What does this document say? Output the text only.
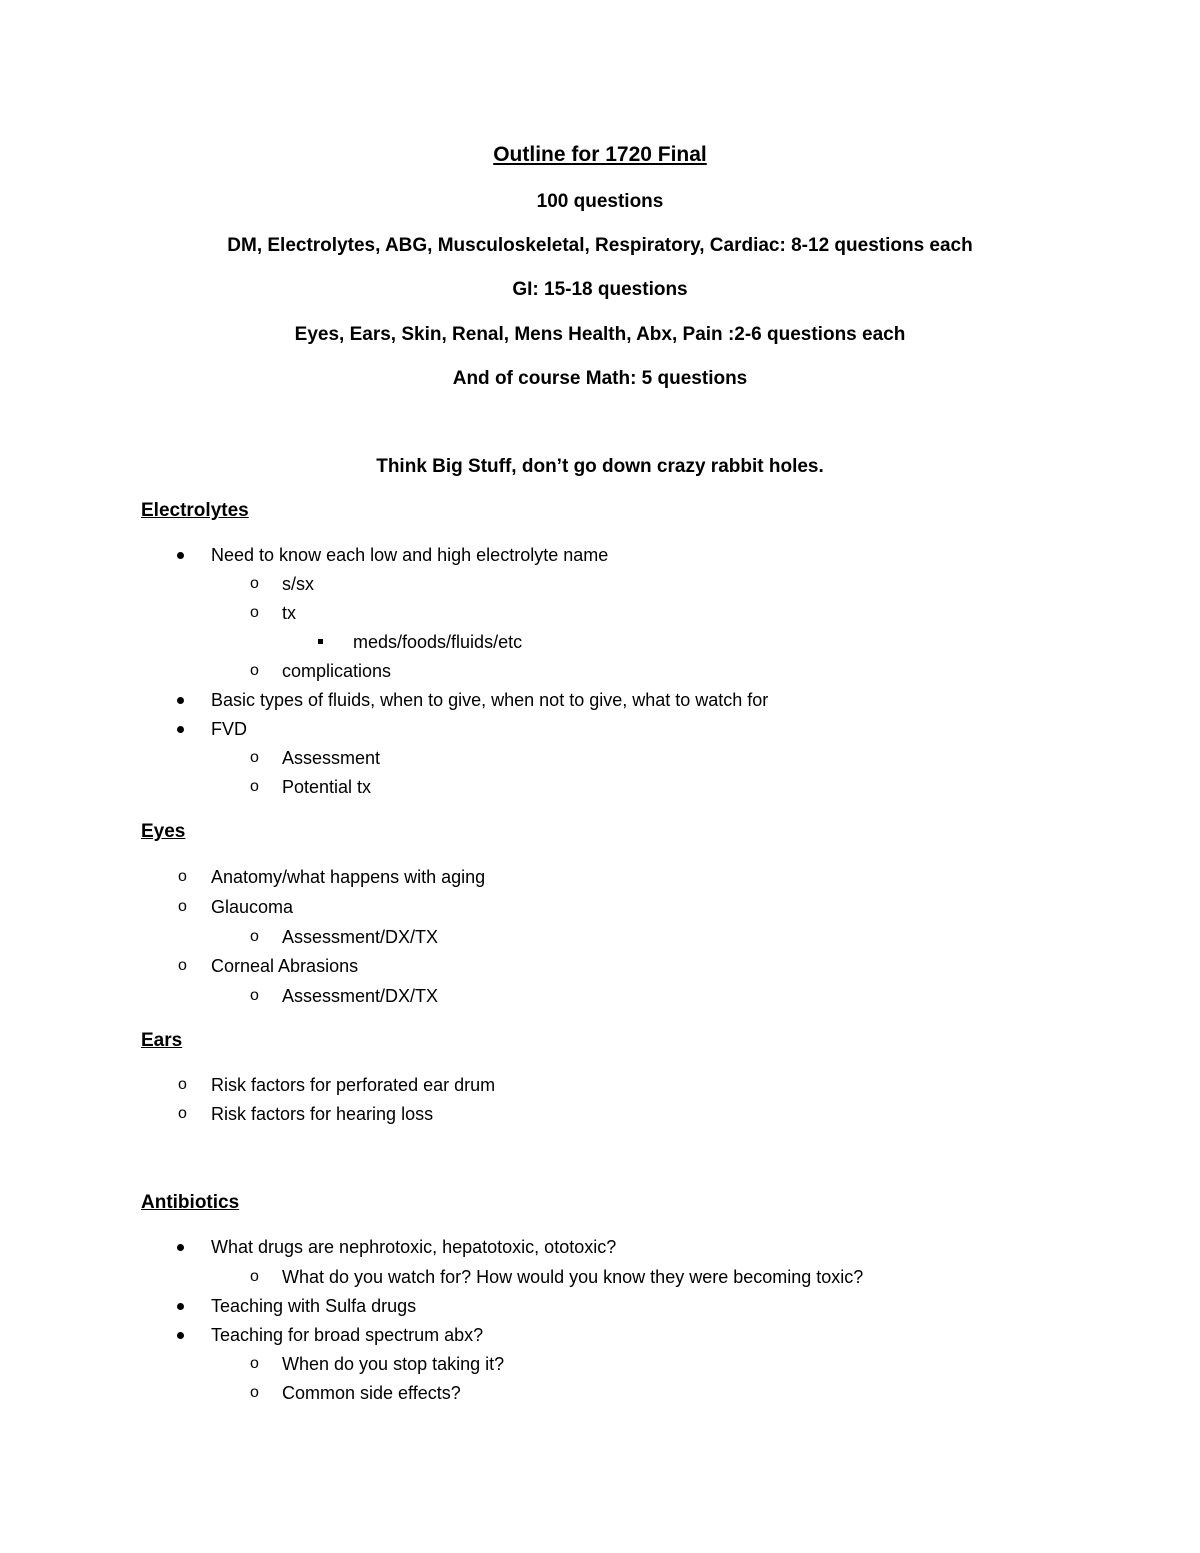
Outline for 1720 Final
100 questions
DM, Electrolytes, ABG, Musculoskeletal, Respiratory, Cardiac: 8-12 questions each
GI: 15-18 questions
Eyes, Ears, Skin, Renal, Mens Health, Abx, Pain :2-6 questions each
And of course Math: 5 questions
Think Big Stuff, don’t go down crazy rabbit holes.
Electrolytes
Need to know each low and high electrolyte name
o s/sx
o tx
meds/foods/fluids/etc
o complications
Basic types of fluids, when to give, when not to give, what to watch for
FVD
o Assessment
o Potential tx
Eyes
o Anatomy/what happens with aging
o Glaucoma
o Assessment/DX/TX
o Corneal Abrasions
o Assessment/DX/TX
Ears
o Risk factors for perforated ear drum
o Risk factors for hearing loss
Antibiotics
What drugs are nephrotoxic, hepatotoxic, ototoxic?
o What do you watch for? How would you know they were becoming toxic?
Teaching with Sulfa drugs
Teaching for broad spectrum abx?
o When do you stop taking it?
o Common side effects?
